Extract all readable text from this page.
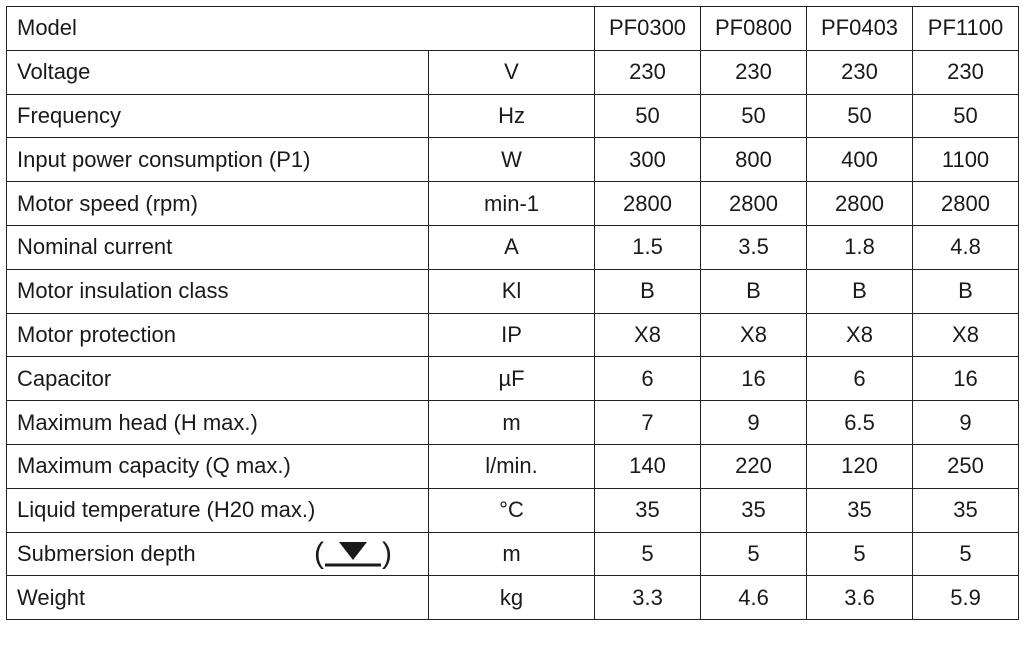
Model		PF0300	PF0800	PF0403	PF1100
Voltage	V	230	230	230	230
Frequency	Hz	50	50	50	50
Input power consumption (P1)	W	300	800	400	1100
Motor speed (rpm)	min-1	2800	2800	2800	2800
Nominal current	A	1.5	3.5	1.8	4.8
Motor insulation class	Kl	B	B	B	B
Motor protection	IP	X8	X8	X8	X8
Capacitor	µF	6	16	6	16
Maximum head (H max.)	m	7	9	6.5	9
Maximum capacity (Q max.)	l/min.	140	220	120	250
Liquid temperature (H20 max.)	°C	35	35	35	35
Submersion depth ( )	m	5	5	5	5
Weight	kg	3.3	4.6	3.6	5.9
